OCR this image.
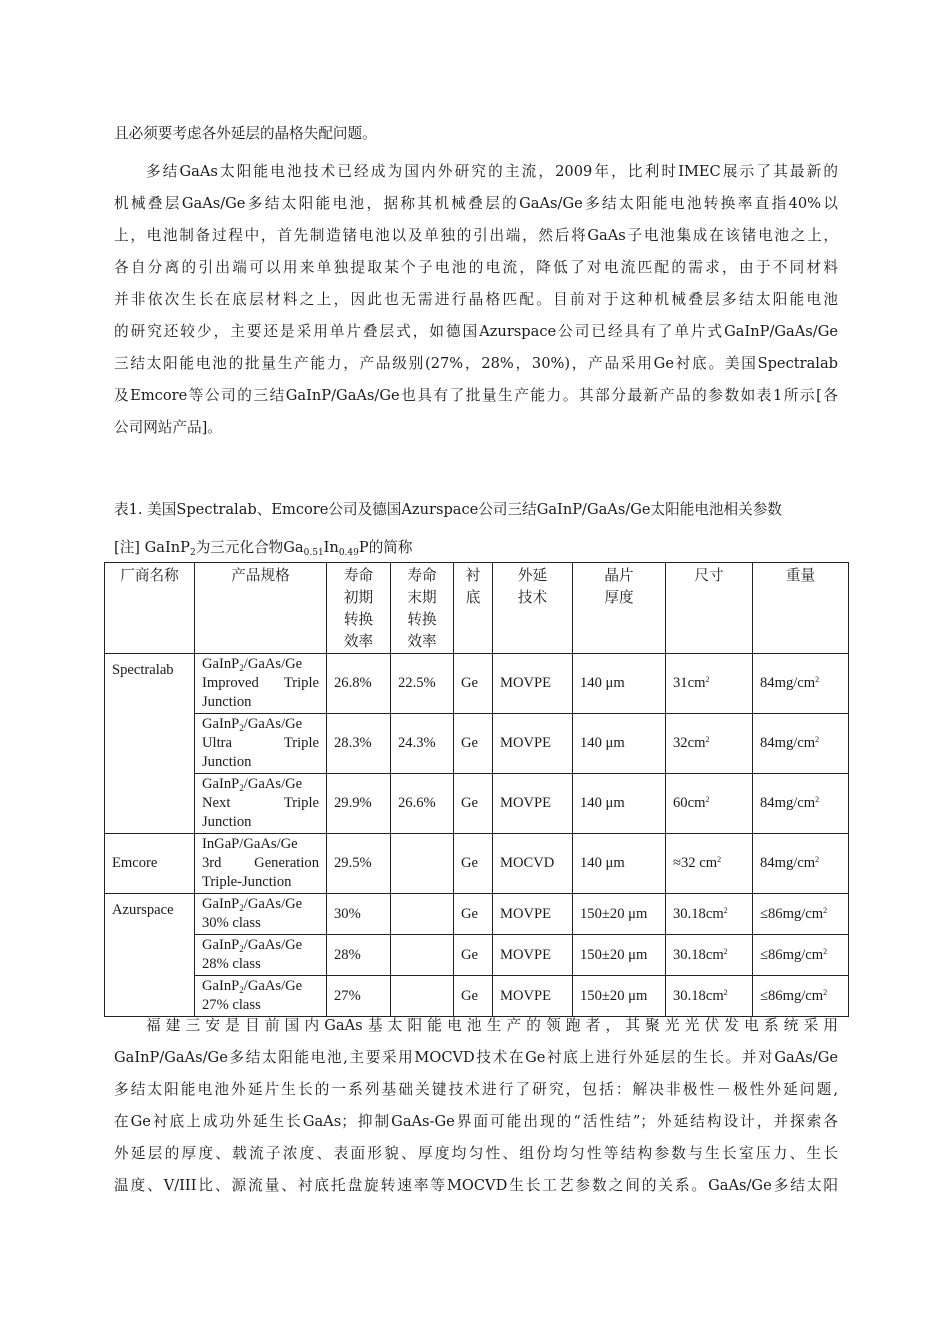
且必须要考虑各外延层的晶格失配问题。
多结GaAs太阳能电池技术已经成为国内外研究的主流，2009年，比利时IMEC展示了其最新的
机械叠层GaAs/Ge多结太阳能电池，据称其机械叠层的GaAs/Ge多结太阳能电池转换率直指40%以
上，电池制备过程中，首先制造锗电池以及单独的引出端，然后将GaAs子电池集成在该锗电池之上，
各自分离的引出端可以用来单独提取某个子电池的电流，降低了对电流匹配的需求，由于不同材料
并非依次生长在底层材料之上，因此也无需进行晶格匹配。目前对于这种机械叠层多结太阳能电池
的研究还较少，主要还是采用单片叠层式，如德国Azurspace公司已经具有了单片式GaInP/GaAs/Ge
三结太阳能电池的批量生产能力，产品级别(27%，28%，30%)，产品采用Ge衬底。美国Spectralab
及Emcore等公司的三结GaInP/GaAs/Ge也具有了批量生产能力。其部分最新产品的参数如表1所示[各
公司网站产品]。

表1. 美国Spectralab、Emcore公司及德国Azurspace公司三结GaInP/GaAs/Ge太阳能电池相关参数

[注] GaInP$_2$为三元化合物$Ga_{0.51}In_{0.49}P$的简称

厂商名称	产品规格	寿命
初期
转换
效率	寿命
末期
转换
效率	衬
底	外延
技术	晶片
厚度	尺寸	重量
Spectralab	GaInP$_2$/GaAs/Ge
Improved Triple
Junction	26.8%	22.5%	Ge	MOVPE	140 μm	$31cm^2$	$84mg/cm^2$

	GaInP$_2$/GaAs/Ge
Ultra Triple
Junction	28.3%	24.3%	Ge	MOVPE	140 μm	$32cm^2$	$84mg/cm^2$

	GaInP$_2$/GaAs/Ge
Next Triple
Junction	29.9%	26.6%	Ge	MOVPE	140 μm	$60cm^2$	$84mg/cm^2$
Emcore	InGaP/GaAs/Ge
3rd Generation
Triple-Junction	29.5%		Ge	MOCVD	140 μm	≈32 $cm^2$	$84mg/cm^2$
Azurspace	GaInP$_2$/GaAs/Ge
30% class	30%		Ge	MOVPE	150±20 μm	$30.18cm^2$	$\le 86mg/cm^2$

	GaInP$_2$/GaAs/Ge
28% class	28%		Ge	MOVPE	150±20 μm	$30.18cm^2$	$\le 86mg/cm^2$

	GaInP$_2$/GaAs/Ge
27% class	27%		Ge	MOVPE	150±20 μm	$30.18cm^2$	$\le 86mg/cm^2$
福建三安是目前国内GaAs基太阳能电池生产的领跑者，其聚光光伏发电系统采用
GaInP/GaAs/Ge多结太阳能电池,主要采用MOCVD技术在Ge衬底上进行外延层的生长。并对GaAs/Ge
多结太阳能电池外延片生长的一系列基础关键技术进行了研究，包括：解决非极性－极性外延问题,
在Ge衬底上成功外延生长GaAs；抑制GaAs-Ge界面可能出现的“活性结”；外延结构设计，并探索各
外延层的厚度、载流子浓度、表面形貌、厚度均匀性、组份均匀性等结构参数与生长室压力、生长
温度、V/III比、源流量、衬底托盘旋转速率等MOCVD生长工艺参数之间的关系。GaAs/Ge多结太阳
